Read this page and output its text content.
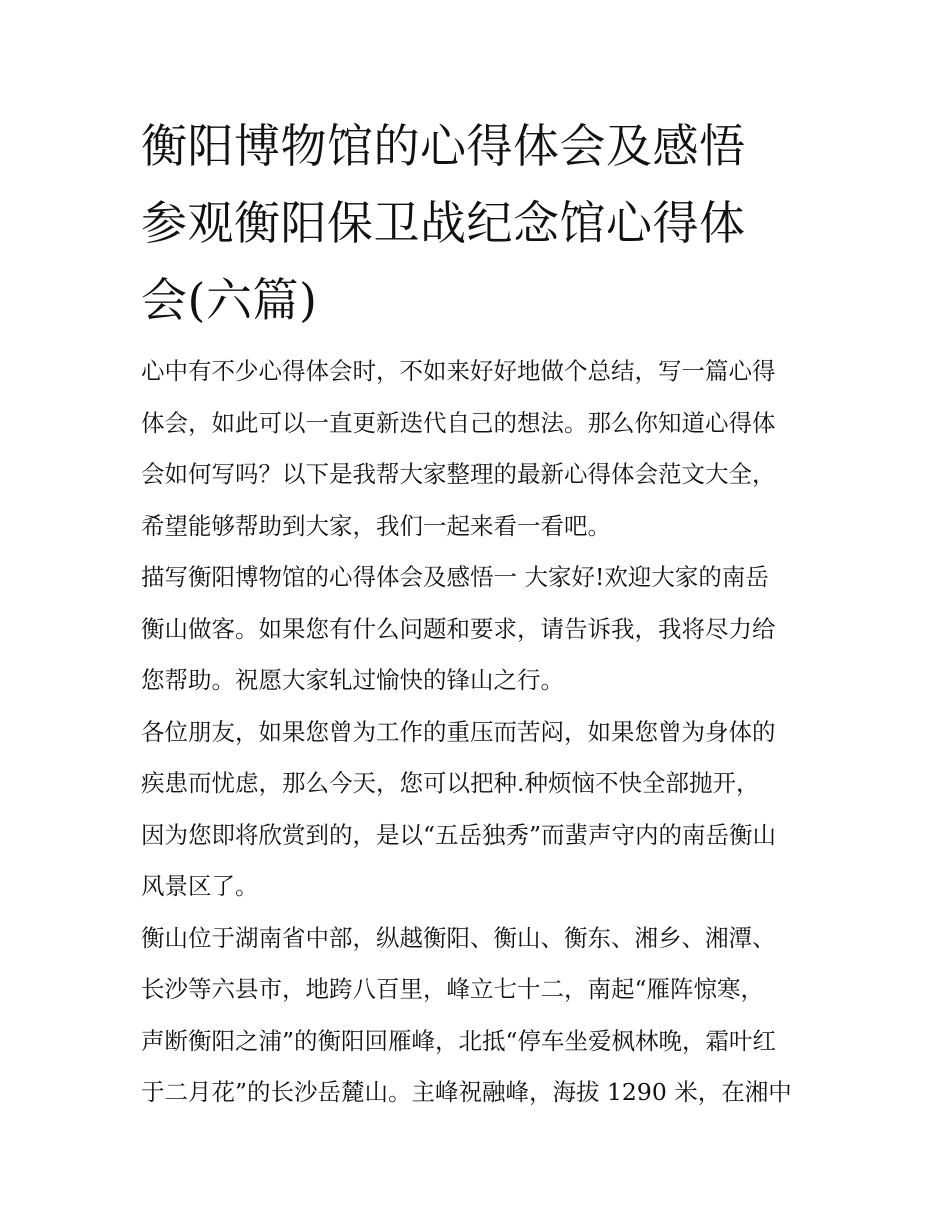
衡阳博物馆的心得体会及感悟
参观衡阳保卫战纪念馆心得体
会(六篇)

心中有不少心得体会时，不如来好好地做个总结，写一篇心得
体会，如此可以一直更新迭代自己的想法。那么你知道心得体
会如何写吗？以下是我帮大家整理的最新心得体会范文大全，
希望能够帮助到大家，我们一起来看一看吧。

描写衡阳博物馆的心得体会及感悟一 大家好!欢迎大家的南岳
衡山做客。如果您有什么问题和要求，请告诉我，我将尽力给
您帮助。祝愿大家轧过愉快的锋山之行。

各位朋友，如果您曾为工作的重压而苦闷，如果您曾为身体的
疾患而忧虑，那么今天，您可以把种.种烦恼不快全部抛开，
因为您即将欣赏到的，是以“五岳独秀”而蜚声守内的南岳衡山
风景区了。

衡山位于湖南省中部，纵越衡阳、衡山、衡东、湘乡、湘潭、
长沙等六县市，地跨八百里，峰立七十二，南起“雁阵惊寒，
声断衡阳之浦”的衡阳回雁峰，北抵“停车坐爱枫林晚，霜叶红
于二月花”的长沙岳麓山。主峰祝融峰，海拔 1290 米，在湘中
